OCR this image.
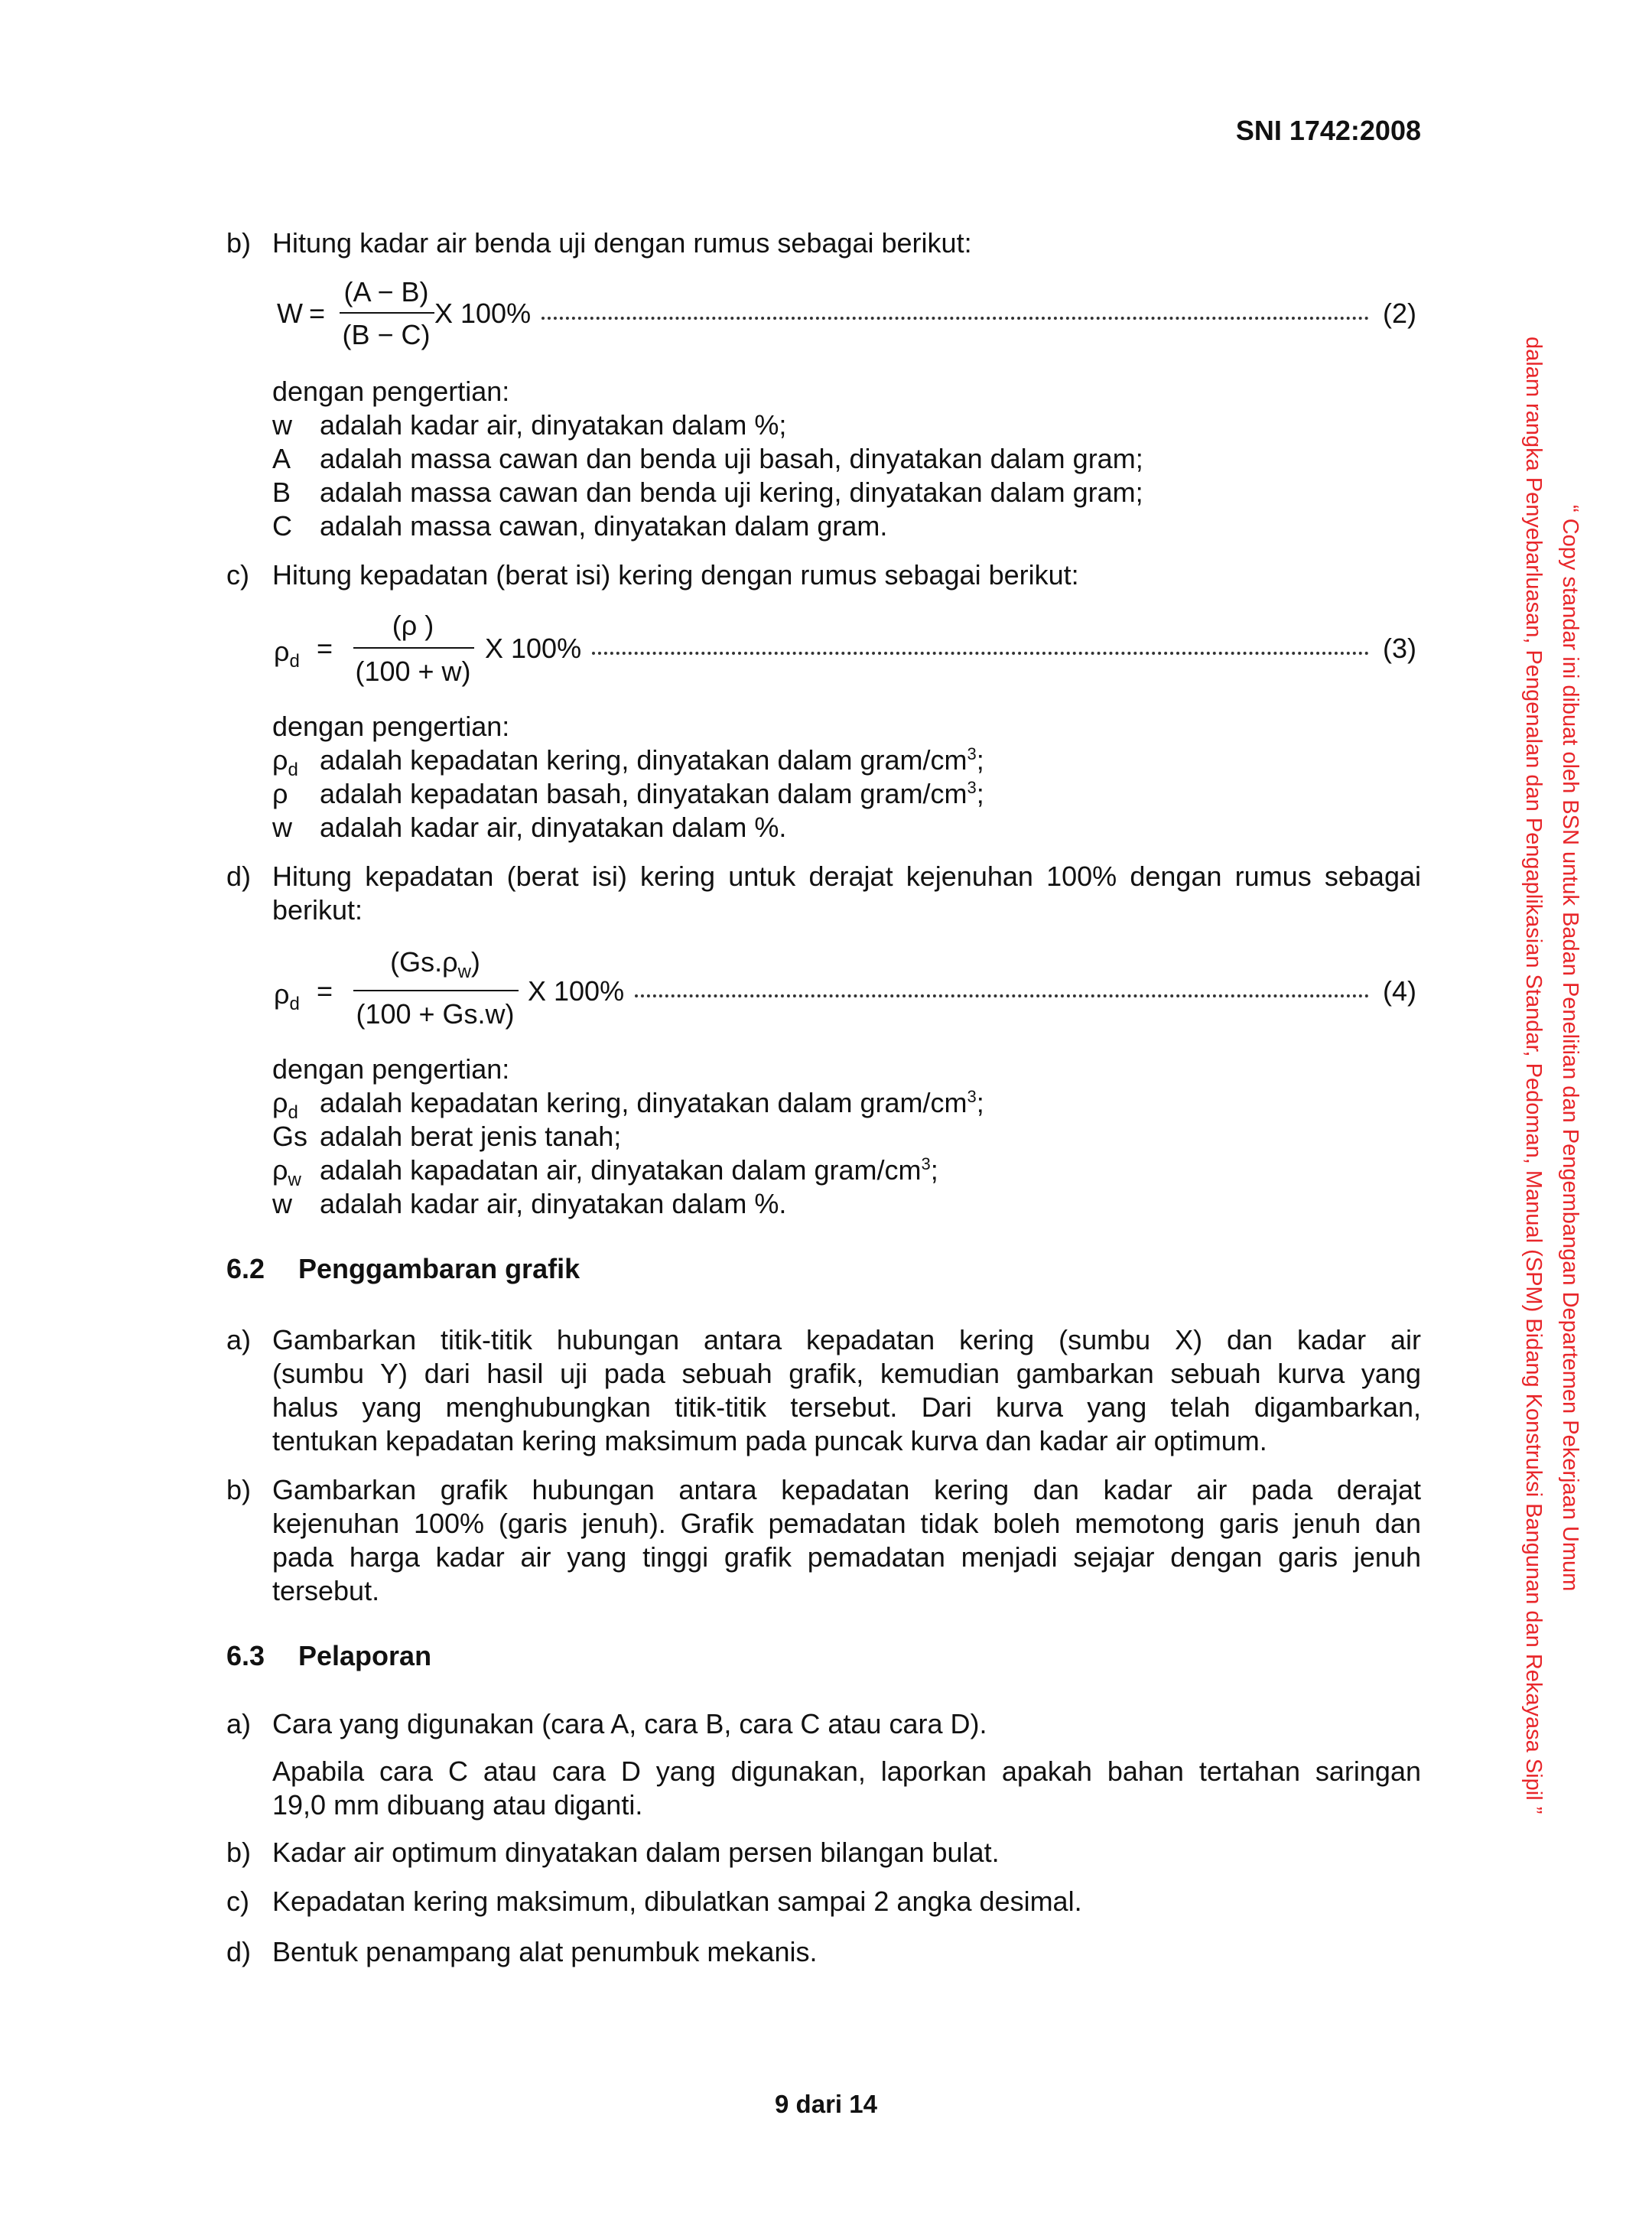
SNI 1742:2008
b) Hitung kadar air benda uji dengan rumus sebagai berikut:
W =
(A − B)
(B − C)
X 100%	(2)
dengan pengertian:
w adalah kadar air, dinyatakan dalam %;
A adalah massa cawan dan benda uji basah, dinyatakan dalam gram;
B adalah massa cawan dan benda uji kering, dinyatakan dalam gram;
C adalah massa cawan, dinyatakan dalam gram.
c) Hitung kepadatan (berat isi) kering dengan rumus sebagai berikut:
$\rho_d$ =
(ρ )
(100 + w)
X 100%	(3)
dengan pengertian:
$\rho_d$ adalah kepadatan kering, dinyatakan dalam gram/$cm^3$;
ρ adalah kepadatan basah, dinyatakan dalam gram/$cm^3$;
w adalah kadar air, dinyatakan dalam %.
d) Hitung kepadatan (berat isi) kering untuk derajat kejenuhan 100% dengan rumus sebagai
berikut:
$\rho_d$ =
$(Gs.\rho_w)$
(100 + Gs.w)
X 100%	(4)
dengan pengertian:
$\rho_d$ adalah kepadatan kering, dinyatakan dalam gram/$cm^3$;
Gs adalah berat jenis tanah;
$\rho_w$ adalah kapadatan air, dinyatakan dalam gram/$cm^3$;
w adalah kadar air, dinyatakan dalam %.
6.2 Penggambaran grafik
a) Gambarkan titik-titik hubungan antara kepadatan kering (sumbu X) dan kadar air
(sumbu Y) dari hasil uji pada sebuah grafik, kemudian gambarkan sebuah kurva yang
halus yang menghubungkan titik-titik tersebut. Dari kurva yang telah digambarkan,
tentukan kepadatan kering maksimum pada puncak kurva dan kadar air optimum.
b) Gambarkan grafik hubungan antara kepadatan kering dan kadar air pada derajat
kejenuhan 100% (garis jenuh). Grafik pemadatan tidak boleh memotong garis jenuh dan
pada harga kadar air yang tinggi grafik pemadatan menjadi sejajar dengan garis jenuh
tersebut.
6.3 Pelaporan
a) Cara yang digunakan (cara A, cara B, cara C atau cara D).
Apabila cara C atau cara D yang digunakan, laporkan apakah bahan tertahan saringan
19,0 mm dibuang atau diganti.
b) Kadar air optimum dinyatakan dalam persen bilangan bulat.
c) Kepadatan kering maksimum, dibulatkan sampai 2 angka desimal.
d) Bentuk penampang alat penumbuk mekanis.
9 dari 14
“ Copy standar ini dibuat oleh BSN untuk Badan Penelitian dan Pengembangan Departemen Pekerjaan Umum
dalam rangka Penyebarluasan, Pengenalan dan Pengaplikasian Standar, Pedoman, Manual (SPM) Bidang Konstruksi Bangunan dan Rekayasa Sipil ”
